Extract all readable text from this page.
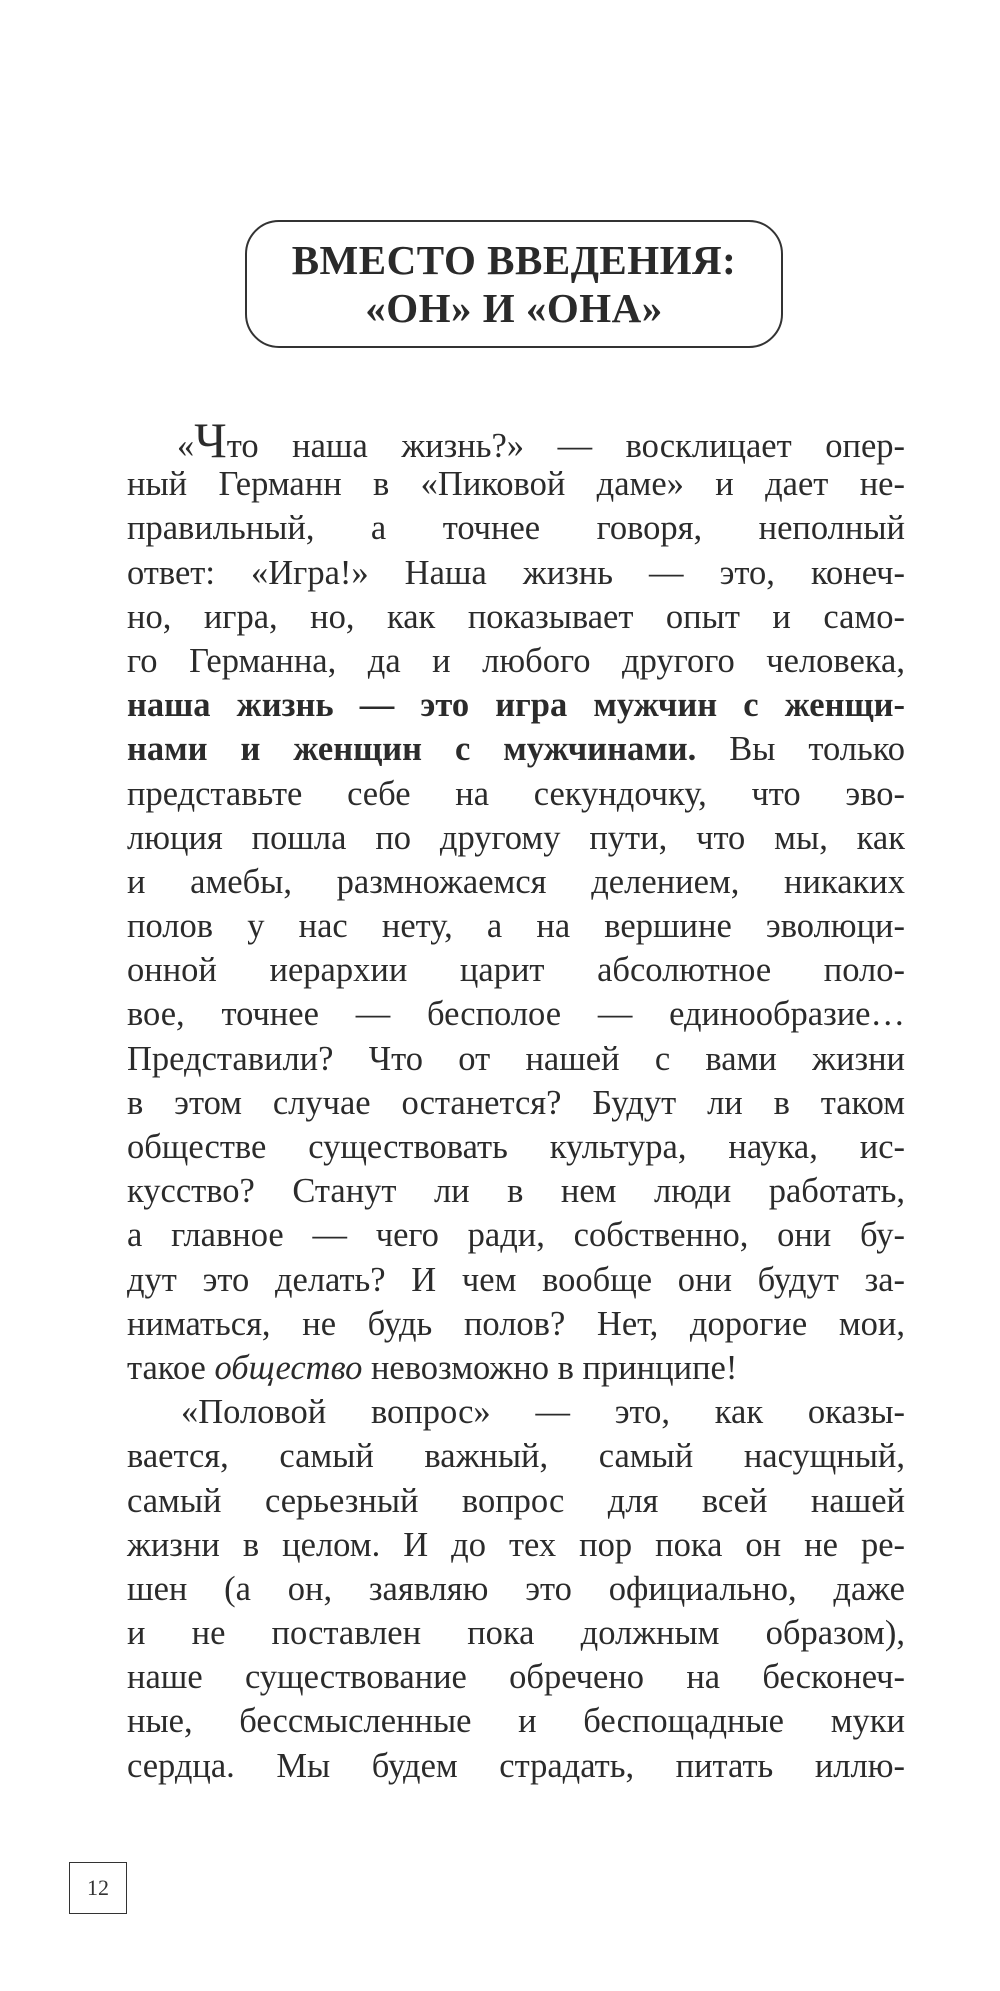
ВМЕСТО ВВЕДЕНИЯ:
«ОН» И «ОНА»
«Что наша жизнь?» — восклицает опер-
ный Германн в «Пиковой даме» и дает не-
правильный, а точнее говоря, неполный
ответ: «Игра!» Наша жизнь — это, конеч-
но, игра, но, как показывает опыт и само-
го Германна, да и любого другого человека,
наша жизнь — это игра мужчин с женщи-
нами и женщин с мужчинами. Вы только
представьте себе на секундочку, что эво-
люция пошла по другому пути, что мы, как
и амебы, размножаемся делением, никаких
полов у нас нету, а на вершине эволюци-
онной иерархии царит абсолютное поло-
вое, точнее — бесполое — единообразие…
Представили? Что от нашей с вами жизни
в этом случае останется? Будут ли в таком
обществе существовать культура, наука, ис-
кусство? Станут ли в нем люди работать,
а главное — чего ради, собственно, они бу-
дут это делать? И чем вообще они будут за-
ниматься, не будь полов? Нет, дорогие мои,
такое общество невозможно в принципе!
«Половой вопрос» — это, как оказы-
вается, самый важный, самый насущный,
самый серьезный вопрос для всей нашей
жизни в целом. И до тех пор пока он не ре-
шен (а он, заявляю это официально, даже
и не поставлен пока должным образом),
наше существование обречено на бесконеч-
ные, бессмысленные и беспощадные муки
сердца. Мы будем страдать, питать иллю-
12
